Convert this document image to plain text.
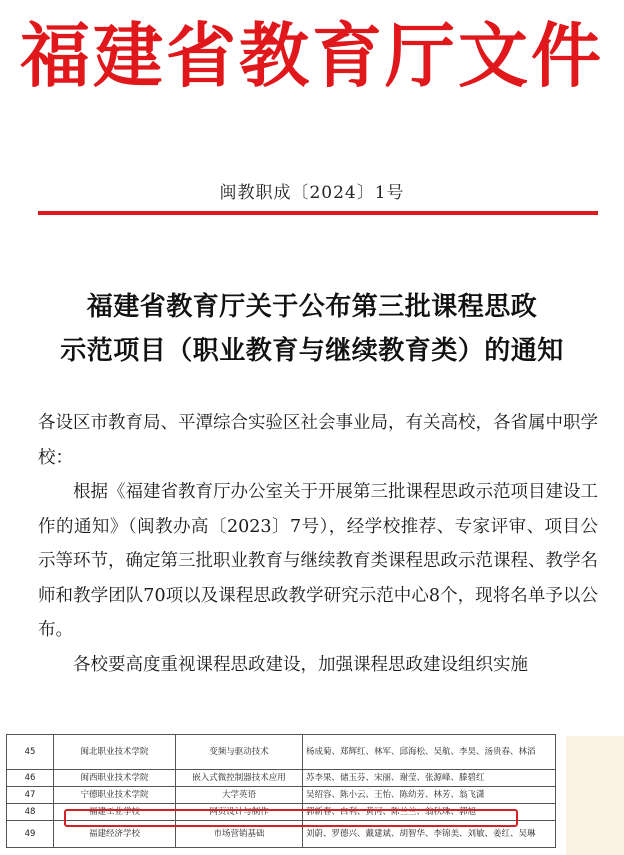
福建省教育厅文件
闽教职成〔2024〕1号
福建省教育厅关于公布第三批课程思政
示范项目（职业教育与继续教育类）的通知

各设区市教育局、平潭综合实验区社会事业局，有关高校，各省属中职学校：

根据《福建省教育厅办公室关于开展第三批课程思政示范项目建设工作的通知》（闽教办高〔2023〕7号），经学校推荐、专家评审、项目公示等环节，确定第三批职业教育与继续教育类课程思政示范课程、教学名师和教学团队70项以及课程思政教学研究示范中心8个，现将名单予以公布。

各校要高度重视课程思政建设，加强课程思政建设组织实施

45	闽北职业技术学院	变频与驱动技术	杨成菊、郑辉红、林军、邱海松、吴航、李昊、汤贵春、林滔
46	闽西职业技术学院	嵌入式微控制器技术应用	苏李果、储玉芬、宋丽、谢莹、张源峰、滕碧红
47	宁德职业技术学院	大学英语	吴绍容、陈小云、王怡、陈幼芳、林芳、翁飞潇
48	福建工业学校	网页设计与制作	郭新春、白利、黄河、陈兰兰、翁秋珠、郭旭
49	福建经济学校	市场营销基础	刘蔚、罗德兴、戴建斌、胡智华、李锦美、刘敏、姜红、吴琳
